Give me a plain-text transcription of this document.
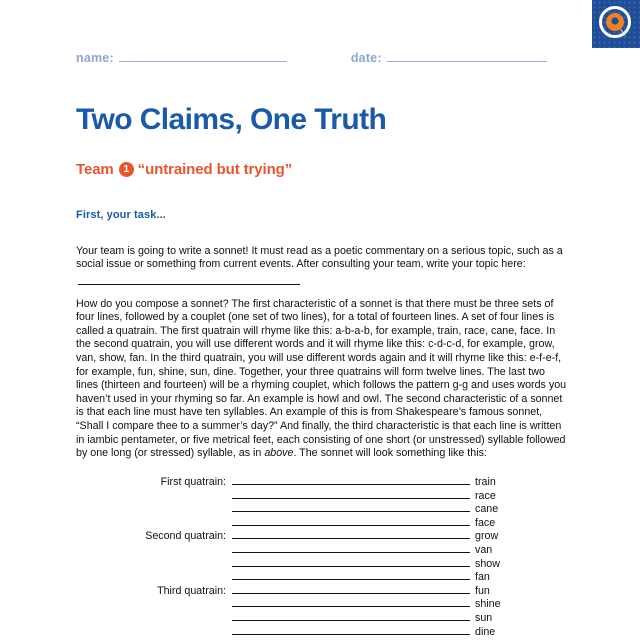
name:	date:
Two Claims, One Truth
Team 1 “untrained but trying”
First, your task...

Your team is going to write a sonnet! It must read as a poetic commentary on a serious topic, such as a social issue or something from current events. After consulting your team, write your topic here:

How do you compose a sonnet? The first characteristic of a sonnet is that there must be three sets of four lines, followed by a couplet (one set of two lines), for a total of fourteen lines. A set of four lines is called a quatrain. The first quatrain will rhyme like this: a-b-a-b, for example, train, race, cane, face. In the second quatrain, you will use different words and it will rhyme like this: c-d-c-d, for example, grow, van, show, fan. In the third quatrain, you will use different words again and it will rhyme like this: e-f-e-f, for example, fun, shine, sun, dine. Together, your three quatrains will form twelve lines. The last two lines (thirteen and fourteen) will be a rhyming couplet, which follows the pattern g-g and uses words you haven’t used in your rhyming so far. An example is howl and owl. The second characteristic of a sonnet is that each line must have ten syllables. An example of this is from Shakespeare’s famous sonnet, “Shall I compare thee to a summer’s day?” And finally, the third characteristic is that each line is written in iambic pentameter, or five metrical feet, each consisting of one short (or unstressed) syllable followed by one long (or stressed) syllable, as in above. The sonnet will look something like this:

First quatrain:	train
race
cane
face
Second quatrain:	grow
van
show
fan
Third quatrain:	fun
shine
sun
dine
